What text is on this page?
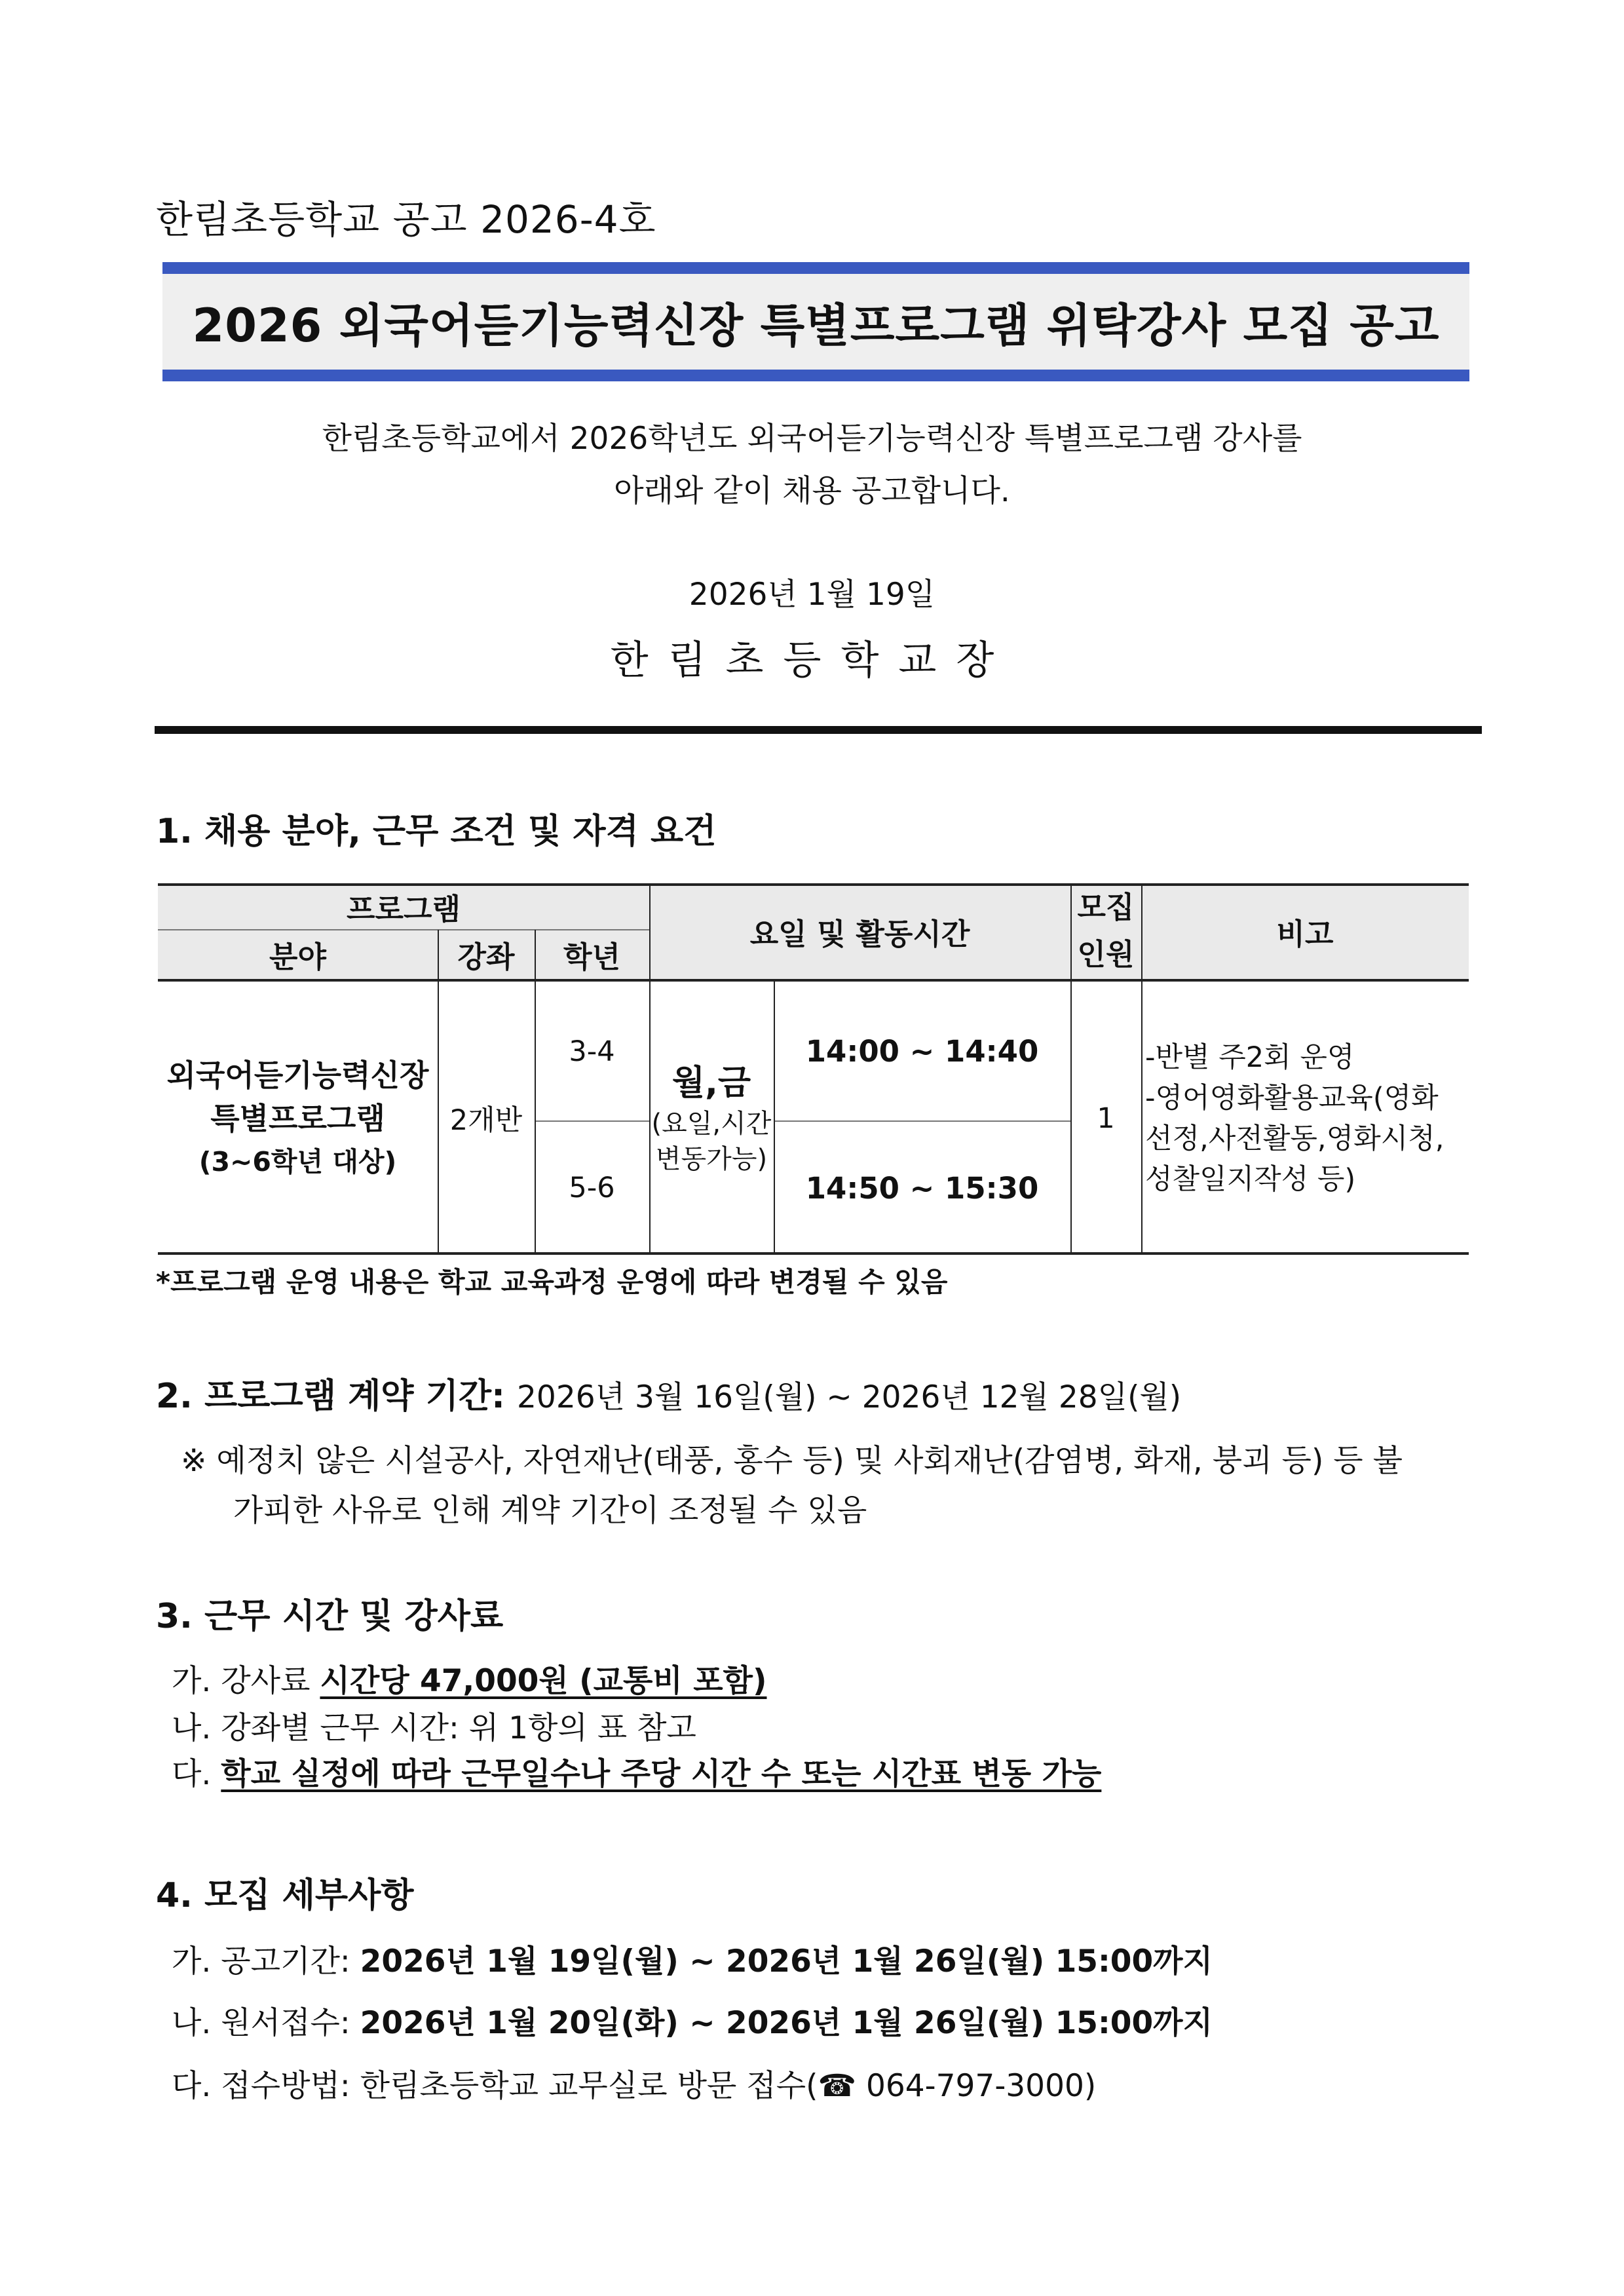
한림초등학교 공고 2026-4호
2026 외국어듣기능력신장 특별프로그램 위탁강사 모집 공고
한림초등학교에서 2026학년도 외국어듣기능력신장 특별프로그램 강사를
아래와 같이 채용 공고합니다.
2026년 1월 19일
한림초등학교장
1. 채용 분야, 근무 조건 및 자격 요건
프로그램
분야	강좌	학년
요일 및 활동시간
모집
인원
비고
외국어듣기능력신장
특별프로그램
(3~6학년 대상)
2개반
3-4
5-6
월,금
(요일,시간
변동가능)
14:00 ~ 14:40
14:50 ~ 15:30
1
-반별 주2회 운영
-영어영화활용교육(영화
선정,사전활동,영화시청,
성찰일지작성 등)
*프로그램 운영 내용은 학교 교육과정 운영에 따라 변경될 수 있음
2. 프로그램 계약 기간: 2026년 3월 16일(월) ~ 2026년 12월 28일(월)
※ 예정치 않은 시설공사, 자연재난(태풍, 홍수 등) 및 사회재난(감염병, 화재, 붕괴 등) 등 불
가피한 사유로 인해 계약 기간이 조정될 수 있음
3. 근무 시간 및 강사료
가. 강사료 시간당 47,000원 (교통비 포함)
나. 강좌별 근무 시간: 위 1항의 표 참고
다. 학교 실정에 따라 근무일수나 주당 시간 수 또는 시간표 변동 가능
4. 모집 세부사항
가. 공고기간: 2026년 1월 19일(월) ~ 2026년 1월 26일(월) 15:00까지
나. 원서접수: 2026년 1월 20일(화) ~ 2026년 1월 26일(월) 15:00까지
다. 접수방법: 한림초등학교 교무실로 방문 접수(☎ 064-797-3000)
